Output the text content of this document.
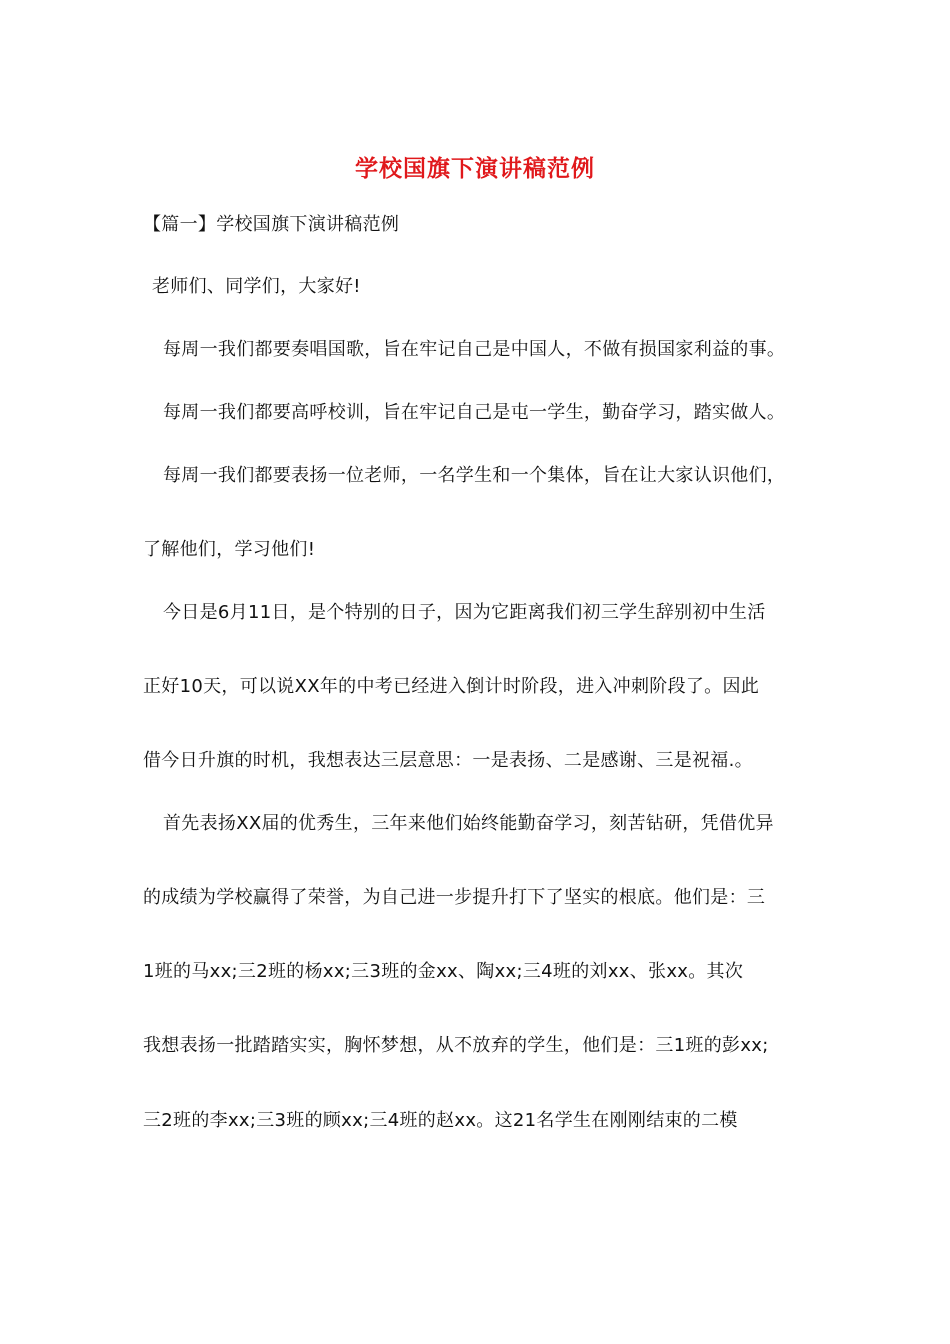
学校国旗下演讲稿范例
【篇一】学校国旗下演讲稿范例
老师们、同学们，大家好!
每周一我们都要奏唱国歌，旨在牢记自己是中国人，不做有损国家利益的事。
每周一我们都要高呼校训，旨在牢记自己是屯一学生，勤奋学习，踏实做人。
每周一我们都要表扬一位老师，一名学生和一个集体，旨在让大家认识他们，
了解他们，学习他们!
今日是6月11日，是个特别的日子，因为它距离我们初三学生辞别初中生活
正好10天，可以说XX年的中考已经进入倒计时阶段，进入冲刺阶段了。因此
借今日升旗的时机，我想表达三层意思：一是表扬、二是感谢、三是祝福.。
首先表扬XX届的优秀生，三年来他们始终能勤奋学习，刻苦钻研，凭借优异
的成绩为学校赢得了荣誉，为自己进一步提升打下了坚实的根底。他们是：三
1班的马xx;三2班的杨xx;三3班的金xx、陶xx;三4班的刘xx、张xx。其次
我想表扬一批踏踏实实，胸怀梦想，从不放弃的学生，他们是：三1班的彭xx;
三2班的李xx;三3班的顾xx;三4班的赵xx。这21名学生在刚刚结束的二模
